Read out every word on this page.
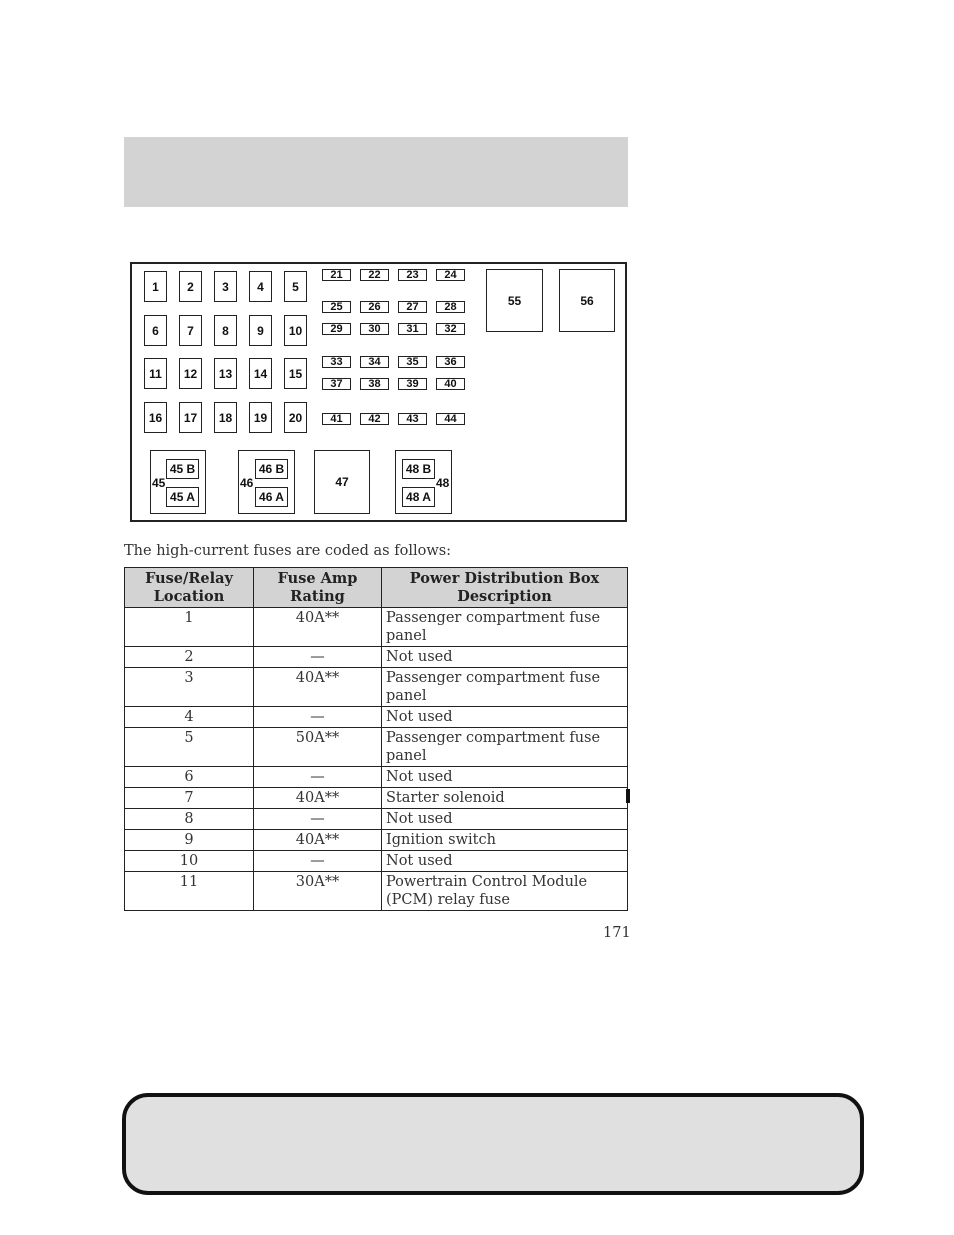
1	2	3	4	5
6	7	8	9	10
11	12	13	14	15
16	17	18	19	20
21	22	23	24
25	26	27	28
29	30	31	32
33	34	35	36
37	38	39	40
41	42	43	44
55	56
45 B
45 A
45
46 B
46 A
46	47
48 B
48 A
48
The high-current fuses are coded as follows:
Fuse/Relay Location	Fuse Amp Rating	Power Distribution Box Description
1	40A**	Passenger compartment fuse panel
2	—	Not used
3	40A**	Passenger compartment fuse panel
4	—	Not used
5	50A**	Passenger compartment fuse panel
6	—	Not used
7	40A**	Starter solenoid
8	—	Not used
9	40A**	Ignition switch
10	—	Not used
11	30A**	Powertrain Control Module (PCM) relay fuse
171
